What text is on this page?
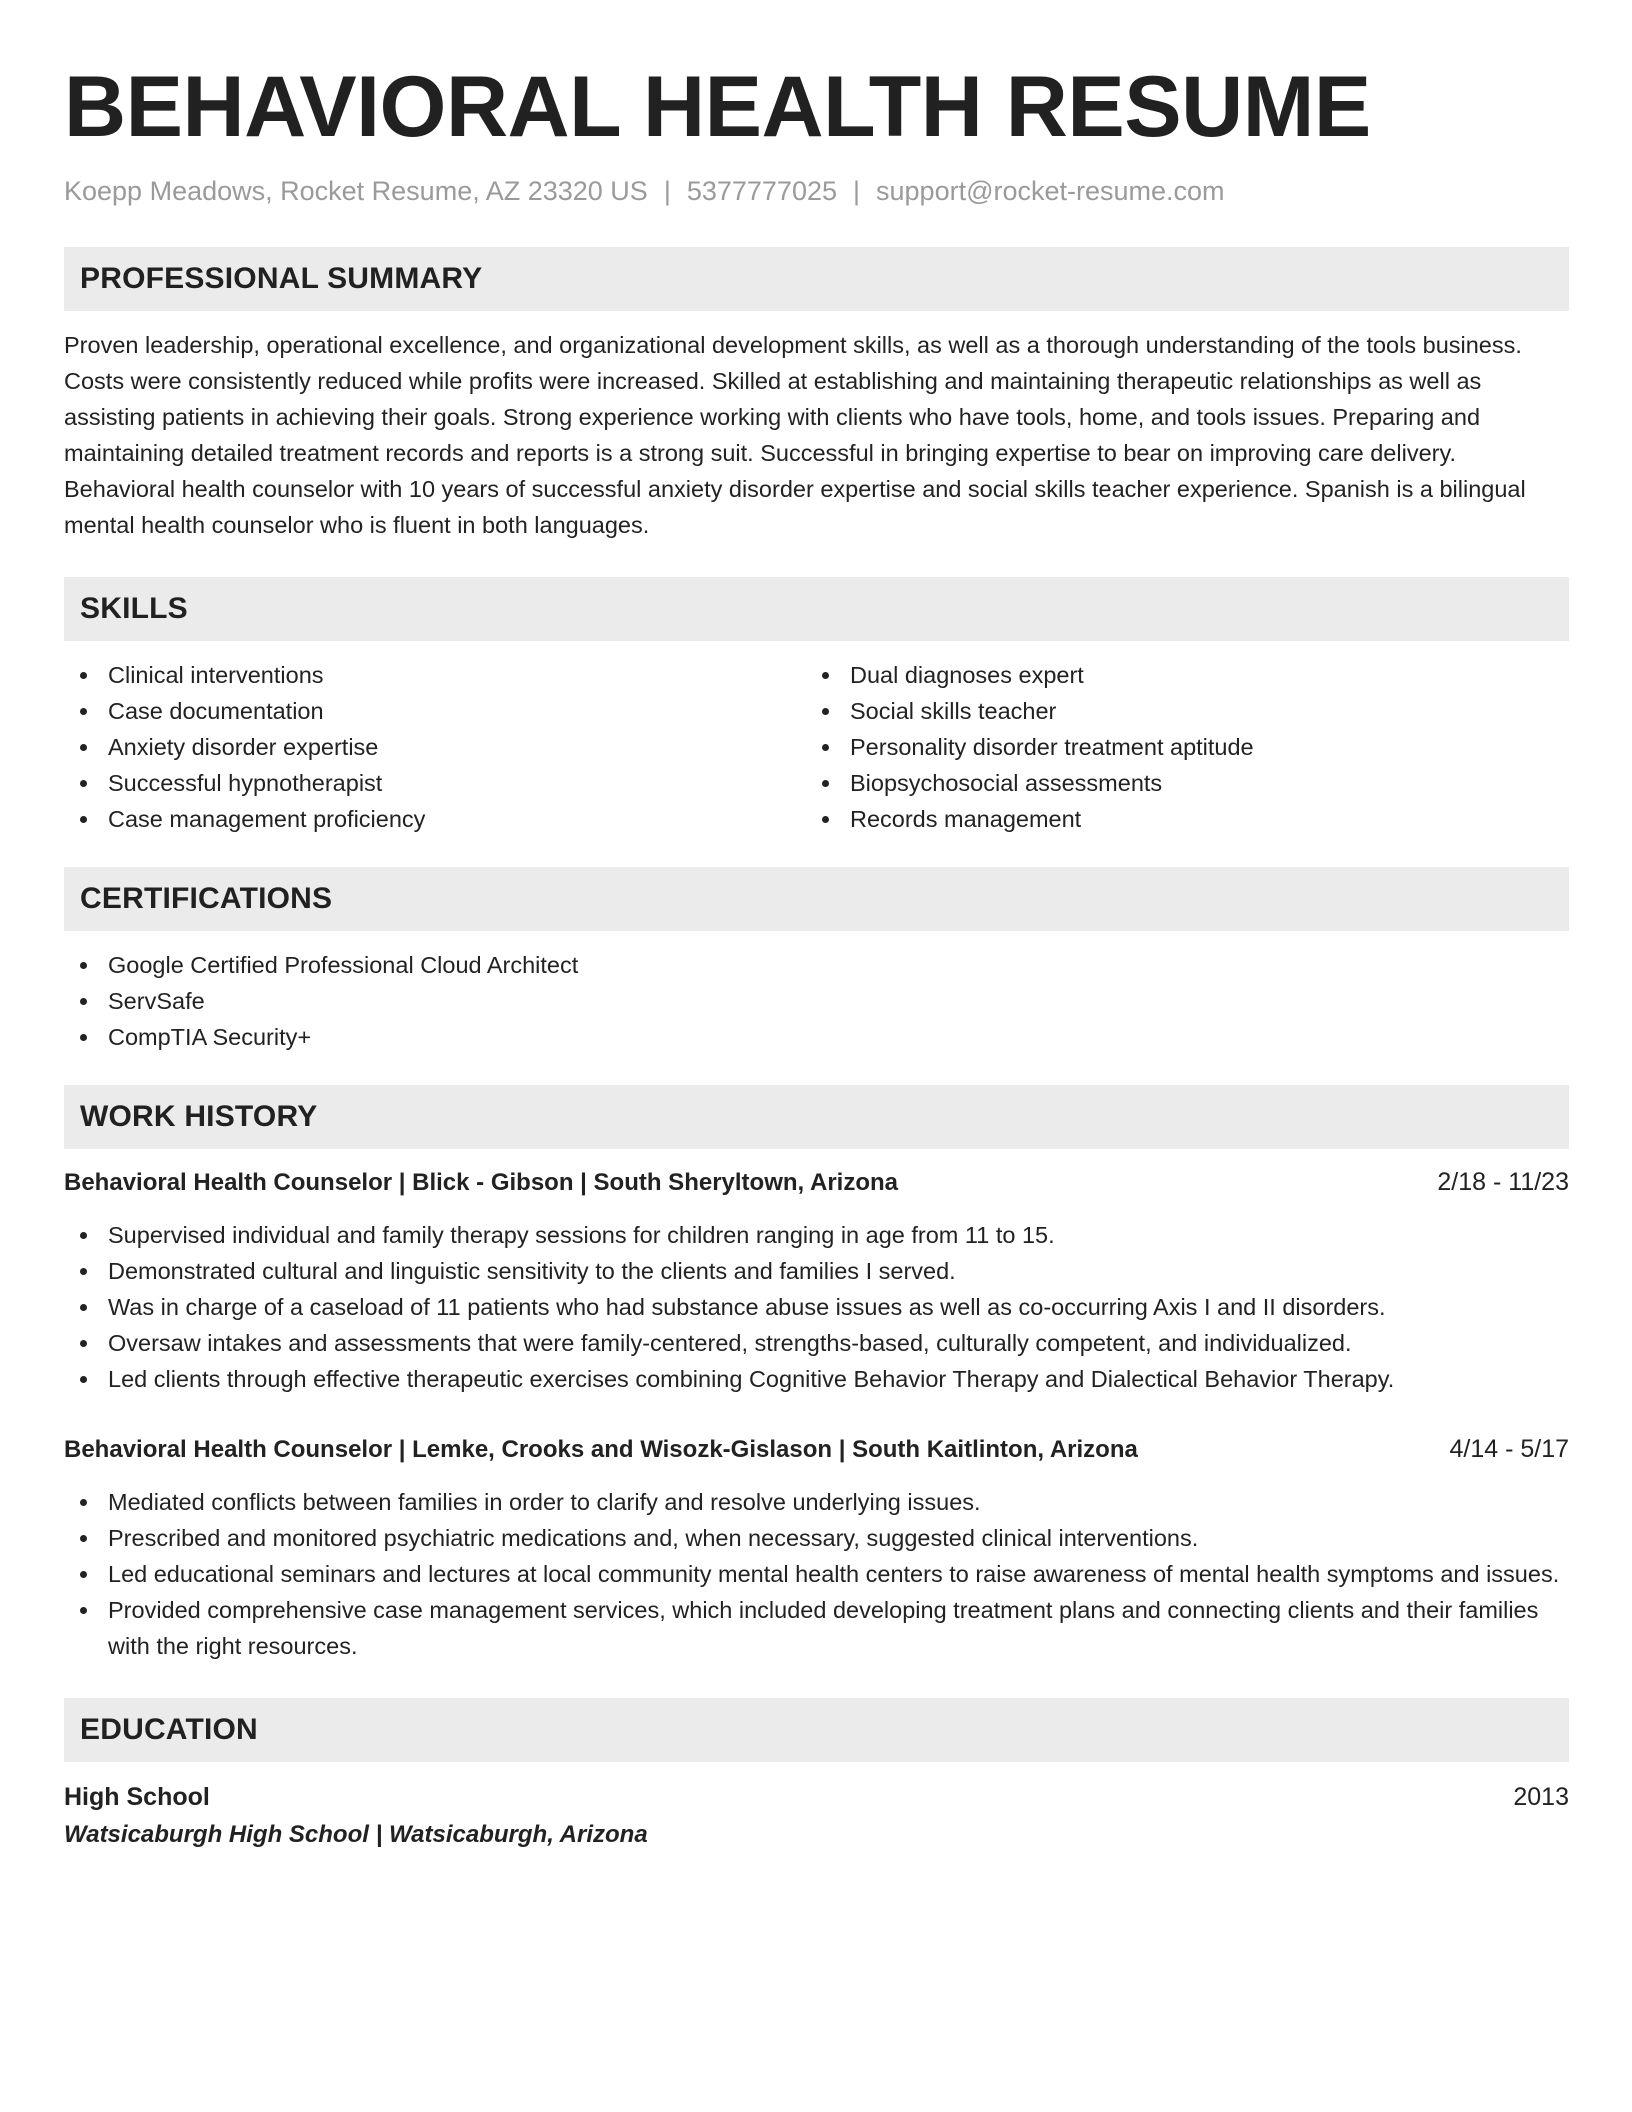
BEHAVIORAL HEALTH RESUME
Koepp Meadows, Rocket Resume, AZ 23320 US | 5377777025 | support@rocket-resume.com
PROFESSIONAL SUMMARY
Proven leadership, operational excellence, and organizational development skills, as well as a thorough understanding of the tools business. Costs were consistently reduced while profits were increased. Skilled at establishing and maintaining therapeutic relationships as well as assisting patients in achieving their goals. Strong experience working with clients who have tools, home, and tools issues. Preparing and maintaining detailed treatment records and reports is a strong suit. Successful in bringing expertise to bear on improving care delivery. Behavioral health counselor with 10 years of successful anxiety disorder expertise and social skills teacher experience. Spanish is a bilingual mental health counselor who is fluent in both languages.
SKILLS
Clinical interventions
Case documentation
Anxiety disorder expertise
Successful hypnotherapist
Case management proficiency
Dual diagnoses expert
Social skills teacher
Personality disorder treatment aptitude
Biopsychosocial assessments
Records management
CERTIFICATIONS
Google Certified Professional Cloud Architect
ServSafe
CompTIA Security+
WORK HISTORY
Behavioral Health Counselor | Blick - Gibson | South Sheryltown, Arizona	2/18 - 11/23
Supervised individual and family therapy sessions for children ranging in age from 11 to 15.
Demonstrated cultural and linguistic sensitivity to the clients and families I served.
Was in charge of a caseload of 11 patients who had substance abuse issues as well as co-occurring Axis I and II disorders.
Oversaw intakes and assessments that were family-centered, strengths-based, culturally competent, and individualized.
Led clients through effective therapeutic exercises combining Cognitive Behavior Therapy and Dialectical Behavior Therapy.
Behavioral Health Counselor | Lemke, Crooks and Wisozk-Gislason | South Kaitlinton, Arizona	4/14 - 5/17
Mediated conflicts between families in order to clarify and resolve underlying issues.
Prescribed and monitored psychiatric medications and, when necessary, suggested clinical interventions.
Led educational seminars and lectures at local community mental health centers to raise awareness of mental health symptoms and issues.
Provided comprehensive case management services, which included developing treatment plans and connecting clients and their families with the right resources.
EDUCATION
High School	2013
Watsicaburgh High School | Watsicaburgh, Arizona
